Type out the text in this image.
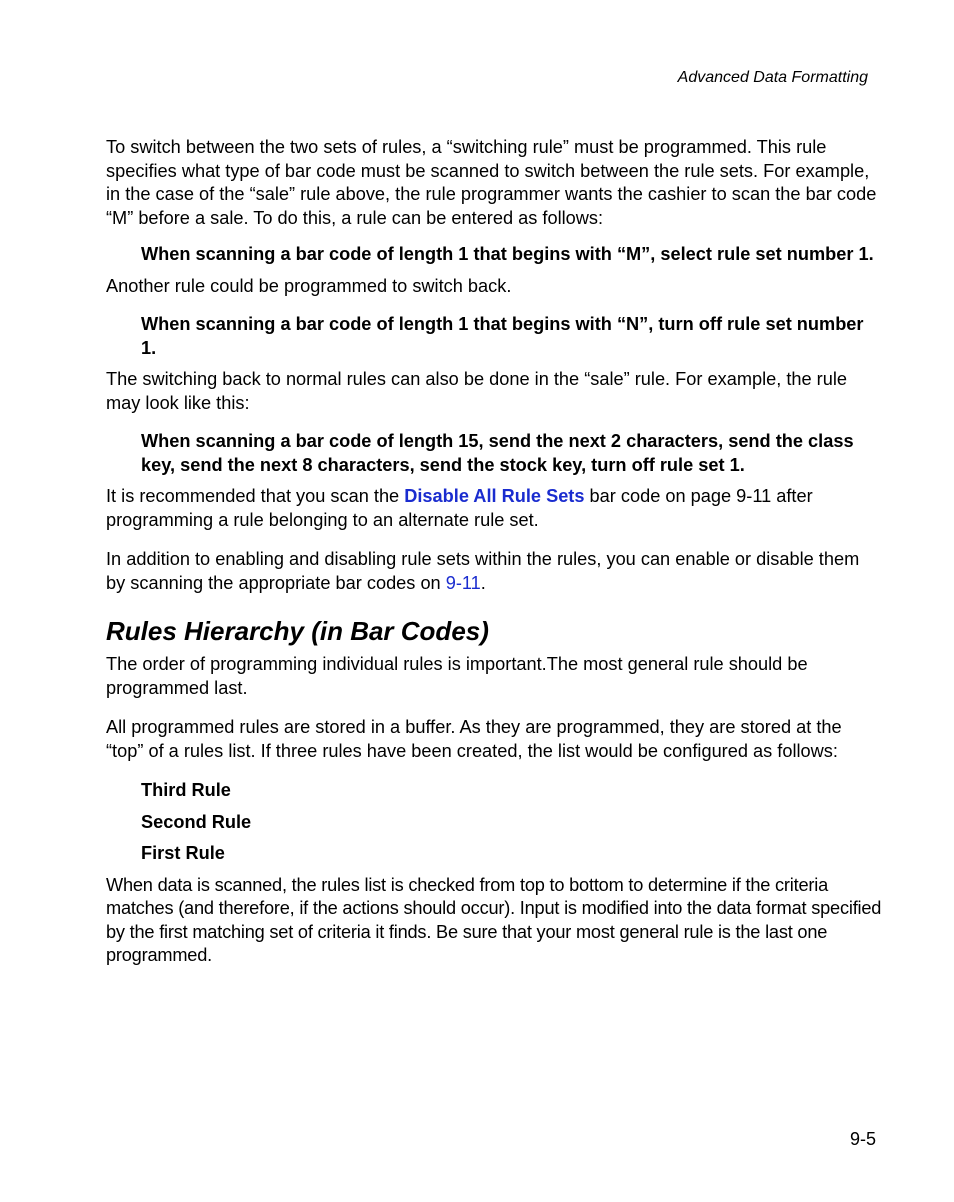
Advanced Data Formatting

To switch between the two sets of rules, a “switching rule” must be programmed. This rule specifies what type of bar code must be scanned to switch between the rule sets. For example, in the case of the “sale” rule above, the rule programmer wants the cashier to scan the bar code “M” before a sale. To do this, a rule can be entered as follows:

When scanning a bar code of length 1 that begins with “M”, select rule set number 1.

Another rule could be programmed to switch back.

When scanning a bar code of length 1 that begins with “N”, turn off rule set number 1.

The switching back to normal rules can also be done in the “sale” rule. For example, the rule may look like this:

When scanning a bar code of length 15, send the next 2 characters, send the class key, send the next 8 characters, send the stock key, turn off rule set 1.

It is recommended that you scan the Disable All Rule Sets bar code on page 9-11 after programming a rule belonging to an alternate rule set.

In addition to enabling and disabling rule sets within the rules, you can enable or disable them by scanning the appropriate bar codes on 9-11.

Rules Hierarchy (in Bar Codes)

The order of programming individual rules is important.The most general rule should be programmed last.

All programmed rules are stored in a buffer. As they are programmed, they are stored at the “top” of a rules list. If three rules have been created, the list would be configured as follows:

Third Rule

Second Rule

First Rule

When data is scanned, the rules list is checked from top to bottom to determine if the criteria matches (and therefore, if the actions should occur). Input is modified into the data format specified by the first matching set of criteria it finds. Be sure that your most general rule is the last one programmed.

9-5
